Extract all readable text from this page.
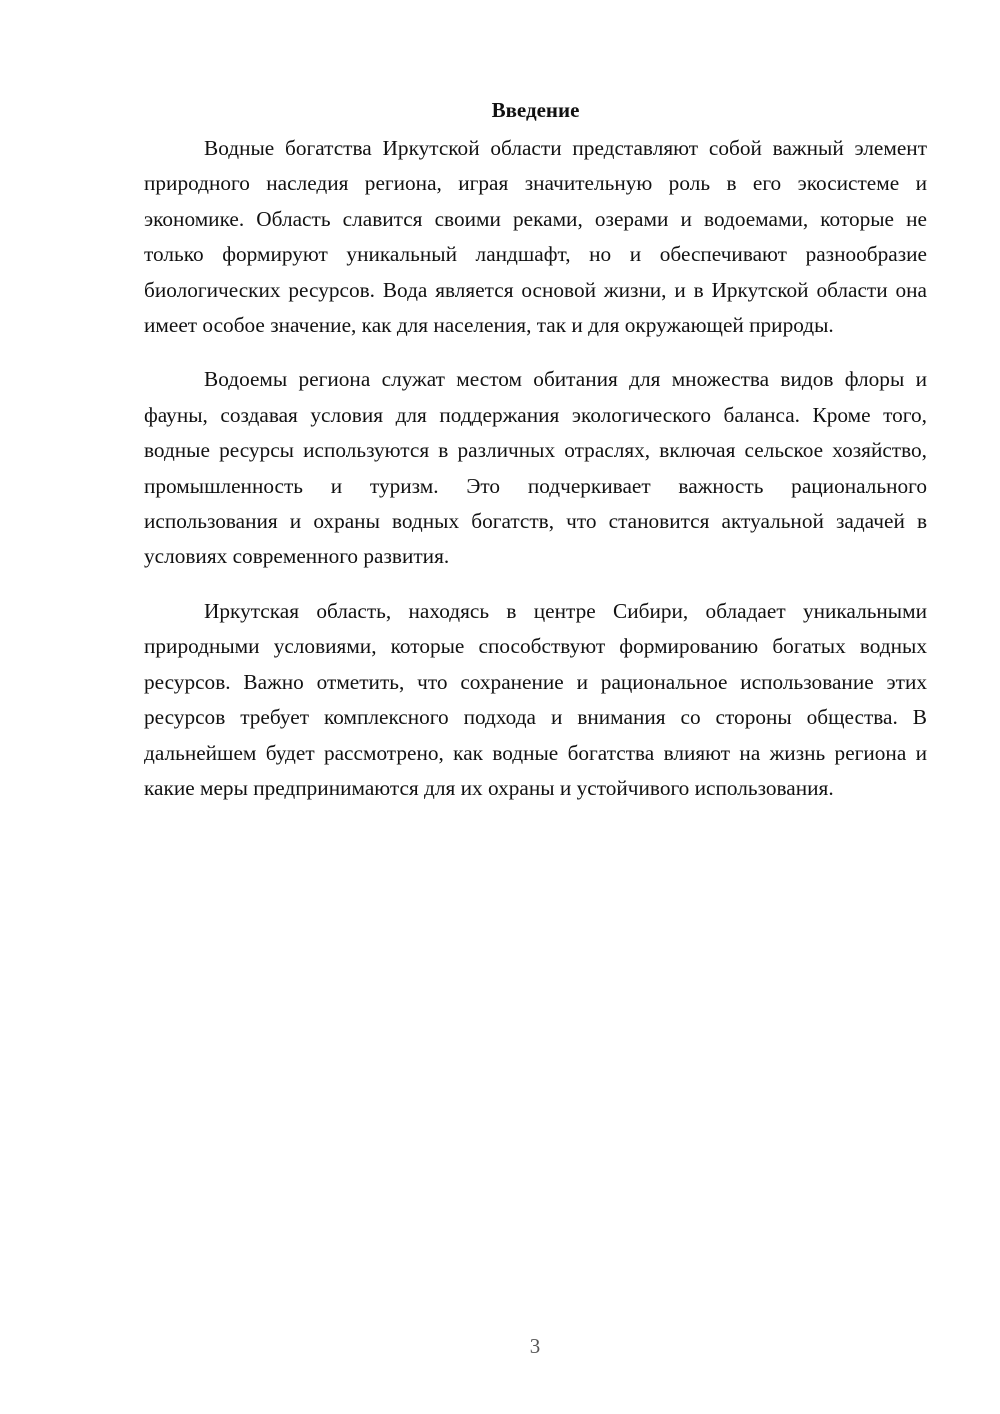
Введение

Водные богатства Иркутской области представляют собой важный элемент природного наследия региона, играя значительную роль в его экосистеме и экономике. Область славится своими реками, озерами и водоемами, которые не только формируют уникальный ландшафт, но и обеспечивают разнообразие биологических ресурсов. Вода является основой жизни, и в Иркутской области она имеет особое значение, как для населения, так и для окружающей природы.

Водоемы региона служат местом обитания для множества видов флоры и фауны, создавая условия для поддержания экологического баланса. Кроме того, водные ресурсы используются в различных отраслях, включая сельское хозяйство, промышленность и туризм. Это подчеркивает важность рационального использования и охраны водных богатств, что становится актуальной задачей в условиях современного развития.

Иркутская область, находясь в центре Сибири, обладает уникальными природными условиями, которые способствуют формированию богатых водных ресурсов. Важно отметить, что сохранение и рациональное использование этих ресурсов требует комплексного подхода и внимания со стороны общества. В дальнейшем будет рассмотрено, как водные богатства влияют на жизнь региона и какие меры предпринимаются для их охраны и устойчивого использования.

3
